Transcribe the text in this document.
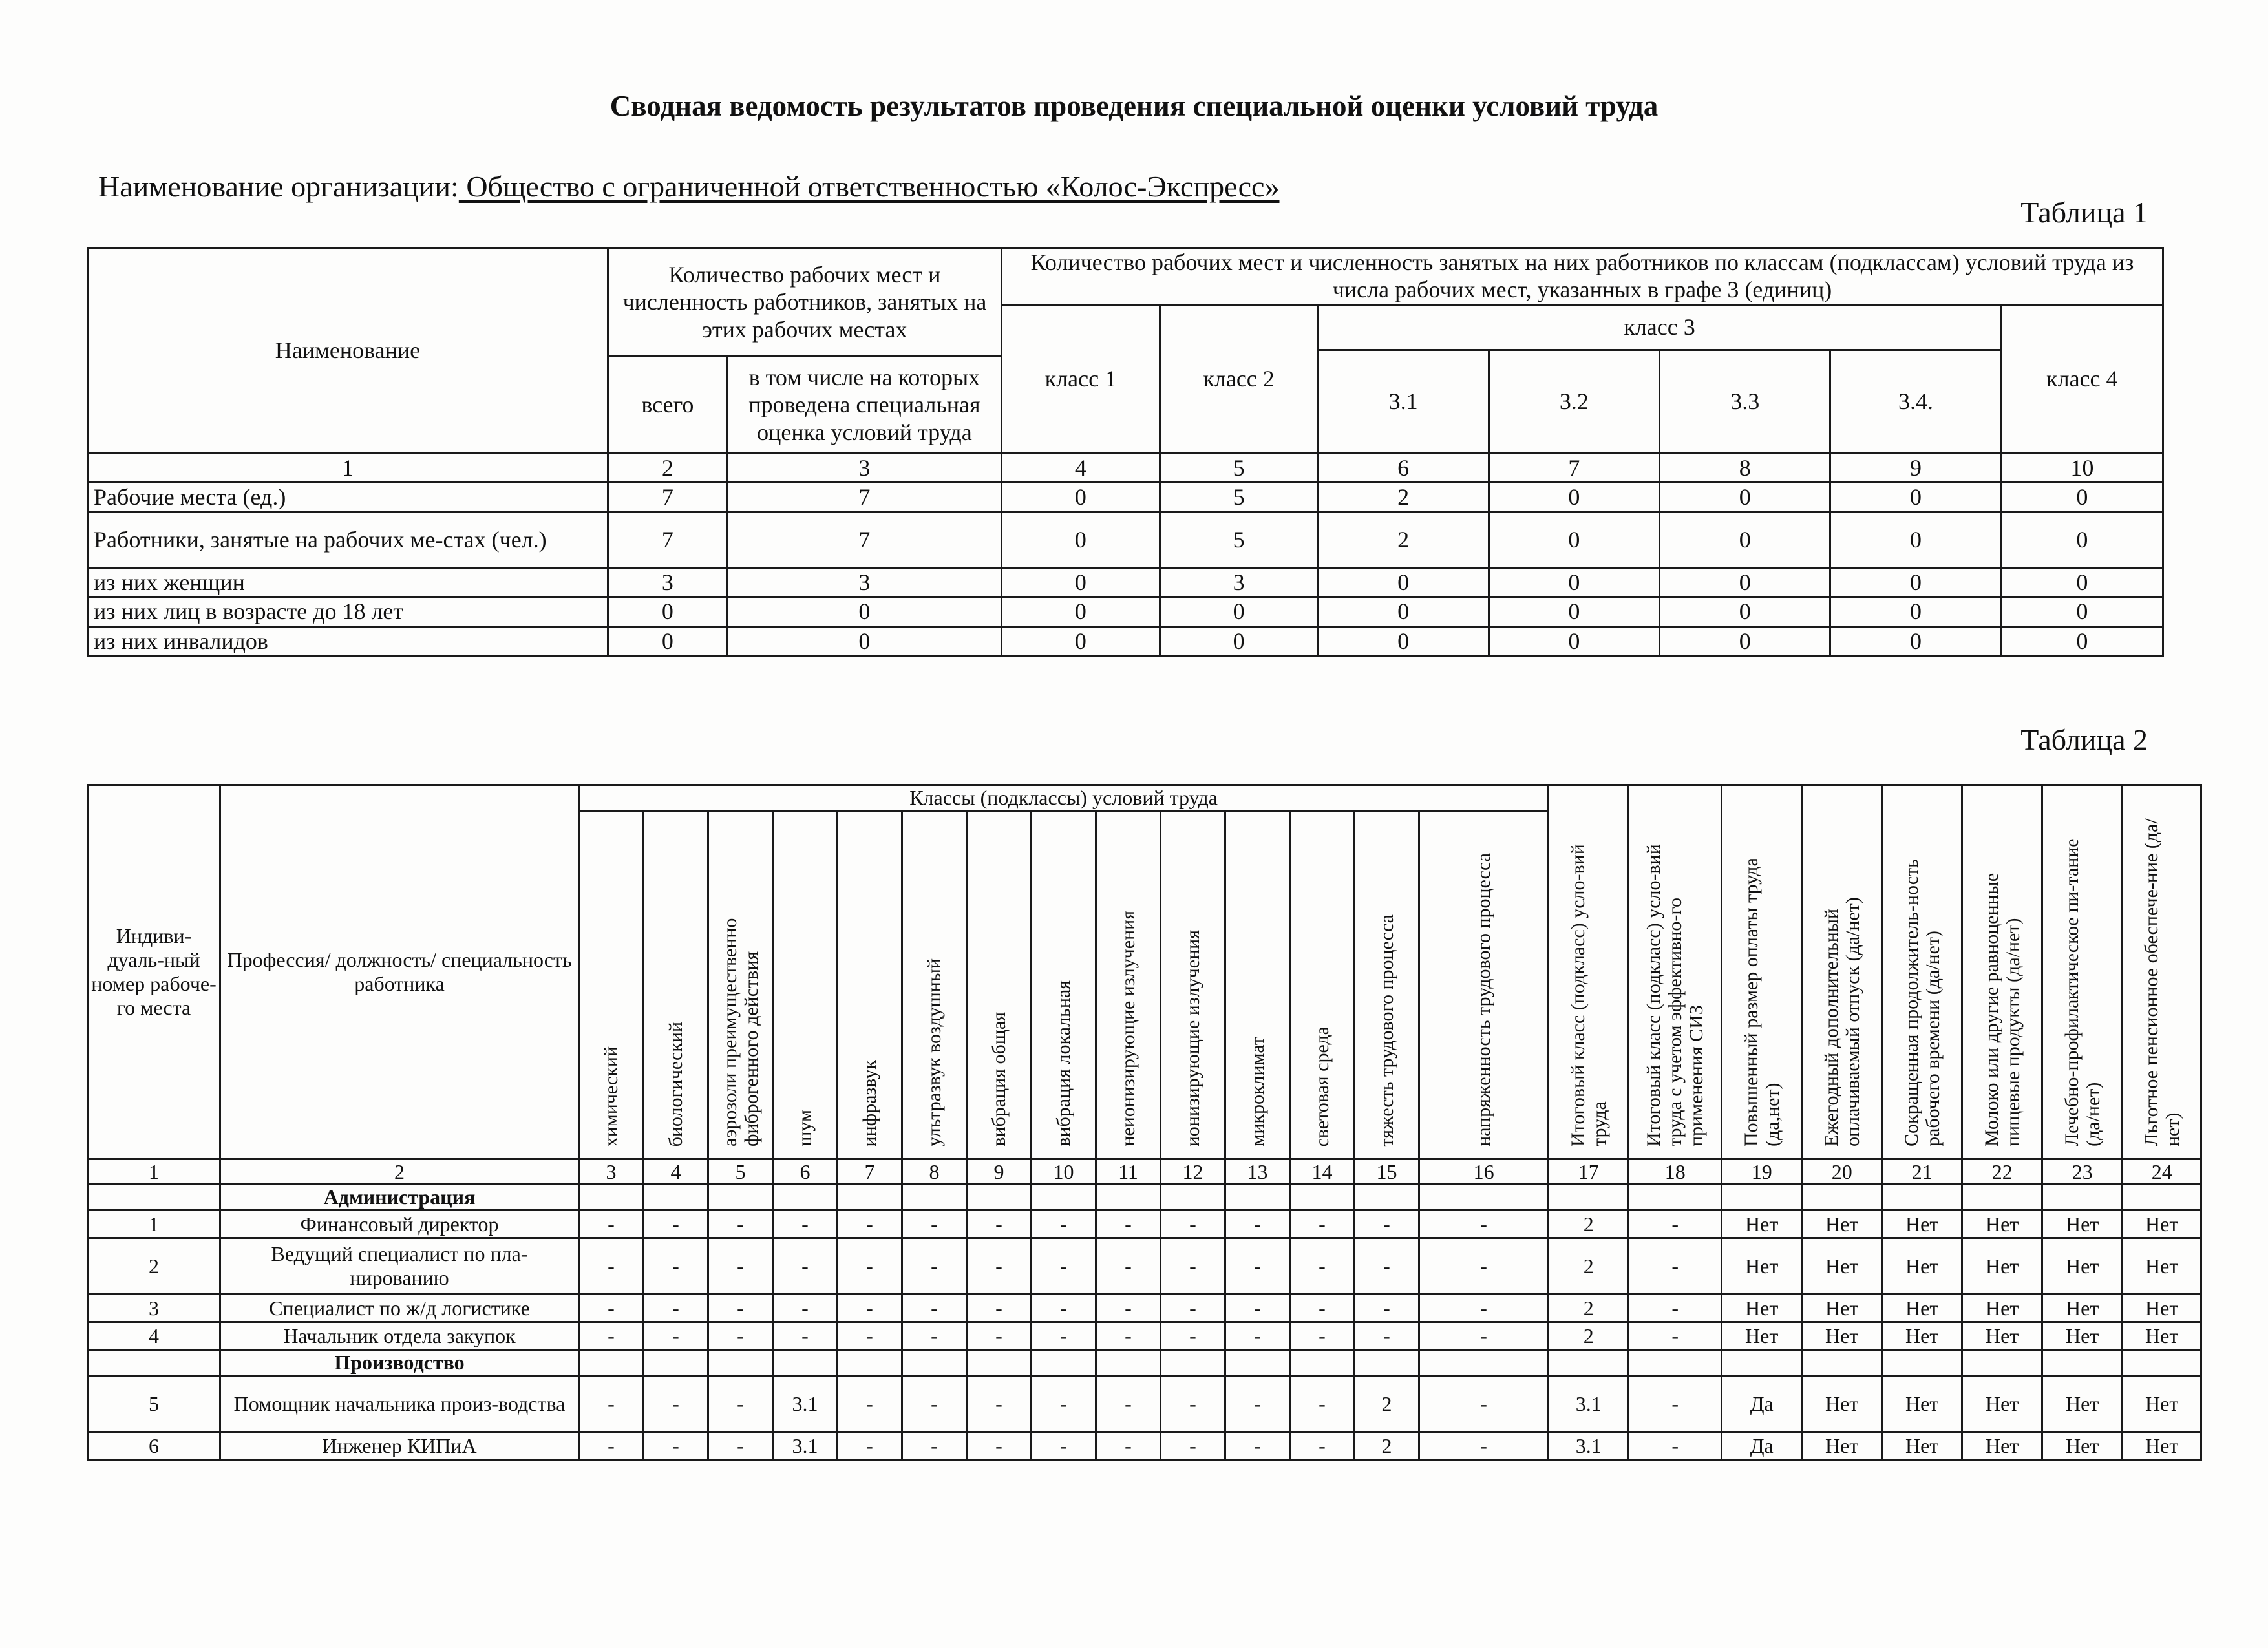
Сводная ведомость результатов проведения специальной оценки условий труда
Наименование организации: Общество с ограниченной ответственностью «Колос-Экспресс»
Таблица 1
Наименование	Количество рабочих мест и численность работников, занятых на этих рабочих местах		Количество рабочих мест и численность занятых на них работников по классам (подклассам) условий труда из числа рабочих мест, указанных в графе 3 (единиц)						
			класс 1	класс 2	класс 3				класс 4
					3.1	3.2	3.3	3.4.	
	всего	в том числе на которых проведена специальная оценка условий труда							
1	2	3	4	5	6	7	8	9	10
Рабочие места (ед.)	7	7	0	5	2	0	0	0	0
Работники, занятые на рабочих ме-стах (чел.)	7	7	0	5	2	0	0	0	0
из них женщин	3	3	0	3	0	0	0	0	0
из них лиц в возрасте до 18 лет	0	0	0	0	0	0	0	0	0
из них инвалидов	0	0	0	0	0	0	0	0	0
Таблица 2
Индиви-дуаль-ный номер рабоче-го места	Профессия/ должность/ специальность работника	Классы (подклассы) условий труда														Итоговый класс (подкласс) усло-вий труда	Итоговый класс (подкласс) усло-вий труда с учетом эффективно-го применения СИЗ	Повышенный размер оплаты труда (да,нет)	Ежегодный дополнительный оплачиваемый отпуск (да/нет)	Сокращенная продолжитель-ность рабочего времени (да/нет)	Молоко или другие равноценные пищевые продукты (да/нет)	Лечебно-профилактическое пи-тание (да/нет)	Льготное пенсионное обеспече-ние (да/нет)
		химический	биологический	аэрозоли преимущественно фиброгенного действия	шум	инфразвук	ультразвук воздушный	вибрация общая	вибрация локальная	неионизирующие излучения	ионизирующие излучения	микроклимат	световая среда	тяжесть трудового процесса	напряженность трудового процесса								
1	2	3	4	5	6	7	8	9	10	11	12	13	14	15	16	17	18	19	20	21	22	23	24
	Администрация																						
1	Финансовый директор	-	-	-	-	-	-	-	-	-	-	-	-	-	-	2	-	Нет	Нет	Нет	Нет	Нет	Нет
2	Ведущий специалист по пла-нированию	-	-	-	-	-	-	-	-	-	-	-	-	-	-	2	-	Нет	Нет	Нет	Нет	Нет	Нет
3	Специалист по ж/д логистике	-	-	-	-	-	-	-	-	-	-	-	-	-	-	2	-	Нет	Нет	Нет	Нет	Нет	Нет
4	Начальник отдела закупок	-	-	-	-	-	-	-	-	-	-	-	-	-	-	2	-	Нет	Нет	Нет	Нет	Нет	Нет
	Производство																						
5	Помощник начальника произ-водства	-	-	-	3.1	-	-	-	-	-	-	-	-	2	-	3.1	-	Да	Нет	Нет	Нет	Нет	Нет
6	Инженер КИПиА	-	-	-	3.1	-	-	-	-	-	-	-	-	2	-	3.1	-	Да	Нет	Нет	Нет	Нет	Нет
